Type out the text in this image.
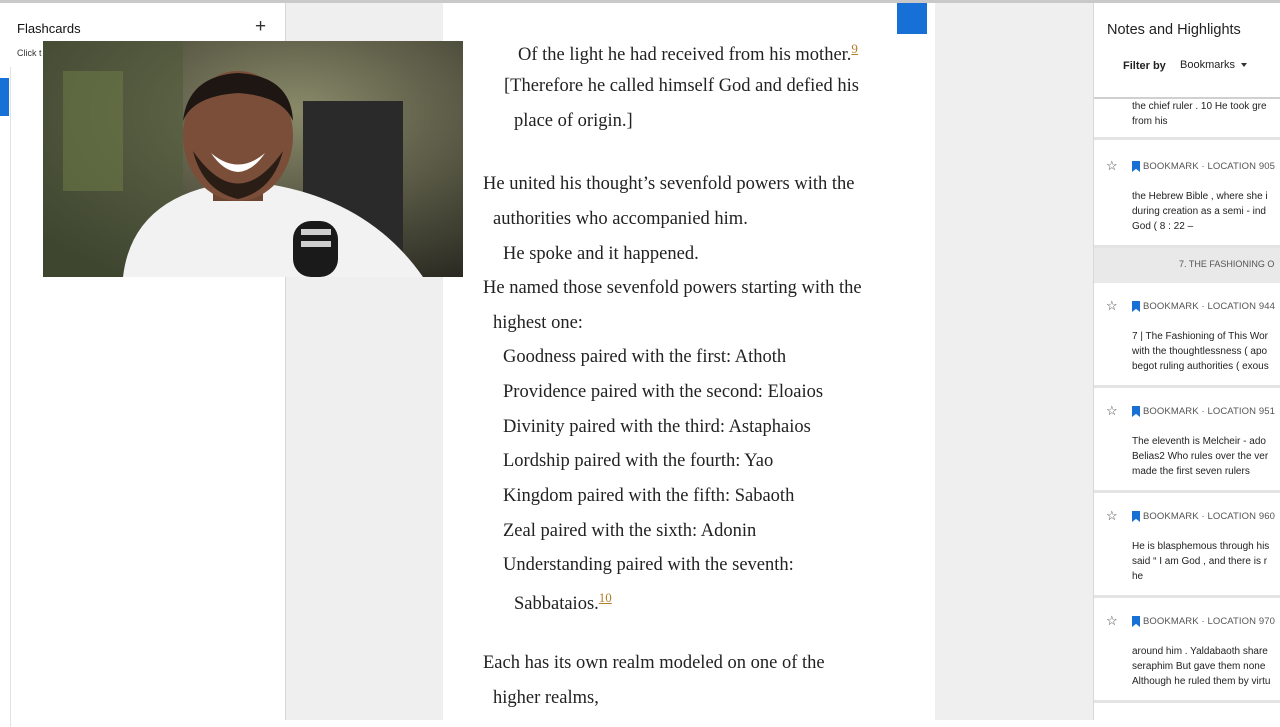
Flashcards	+
Click t	Of the light he had received from his mother.$^9$
[Therefore he called himself God and defied his
place of origin.]
He united his thought’s sevenfold powers with the
authorities who accompanied him.
He spoke and it happened.
He named those sevenfold powers starting with the
highest one:
Goodness paired with the first: Athoth
Providence paired with the second: Eloaios
Divinity paired with the third: Astaphaios
Lordship paired with the fourth: Yao
Kingdom paired with the fifth: Sabaoth
Zeal paired with the sixth: Adonin
Understanding paired with the seventh:
Sabbataios.$^{10}$
Each has its own realm modeled on one of the
higher realms,
Notes and Highlights
Filter by Bookmarks
the chief ruler . 10 He took gre
from his
☆	BOOKMARK · LOCATION 905
the Hebrew Bible , where she i
during creation as a semi - ind
God ( 8 : 22 –
7. THE FASHIONING O
☆	BOOKMARK · LOCATION 944
7 | The Fashioning of This Wor
with the thoughtlessness ( apo
begot ruling authorities ( exous
☆	BOOKMARK · LOCATION 951
The eleventh is Melcheir - ado
Belias2 Who rules over the ver
made the first seven rulers
☆	BOOKMARK · LOCATION 960
He is blasphemous through his
said “ I am God , and there is r
he
☆	BOOKMARK · LOCATION 970
around him . Yaldabaoth share
seraphim But gave them none
Although he ruled them by virtu
